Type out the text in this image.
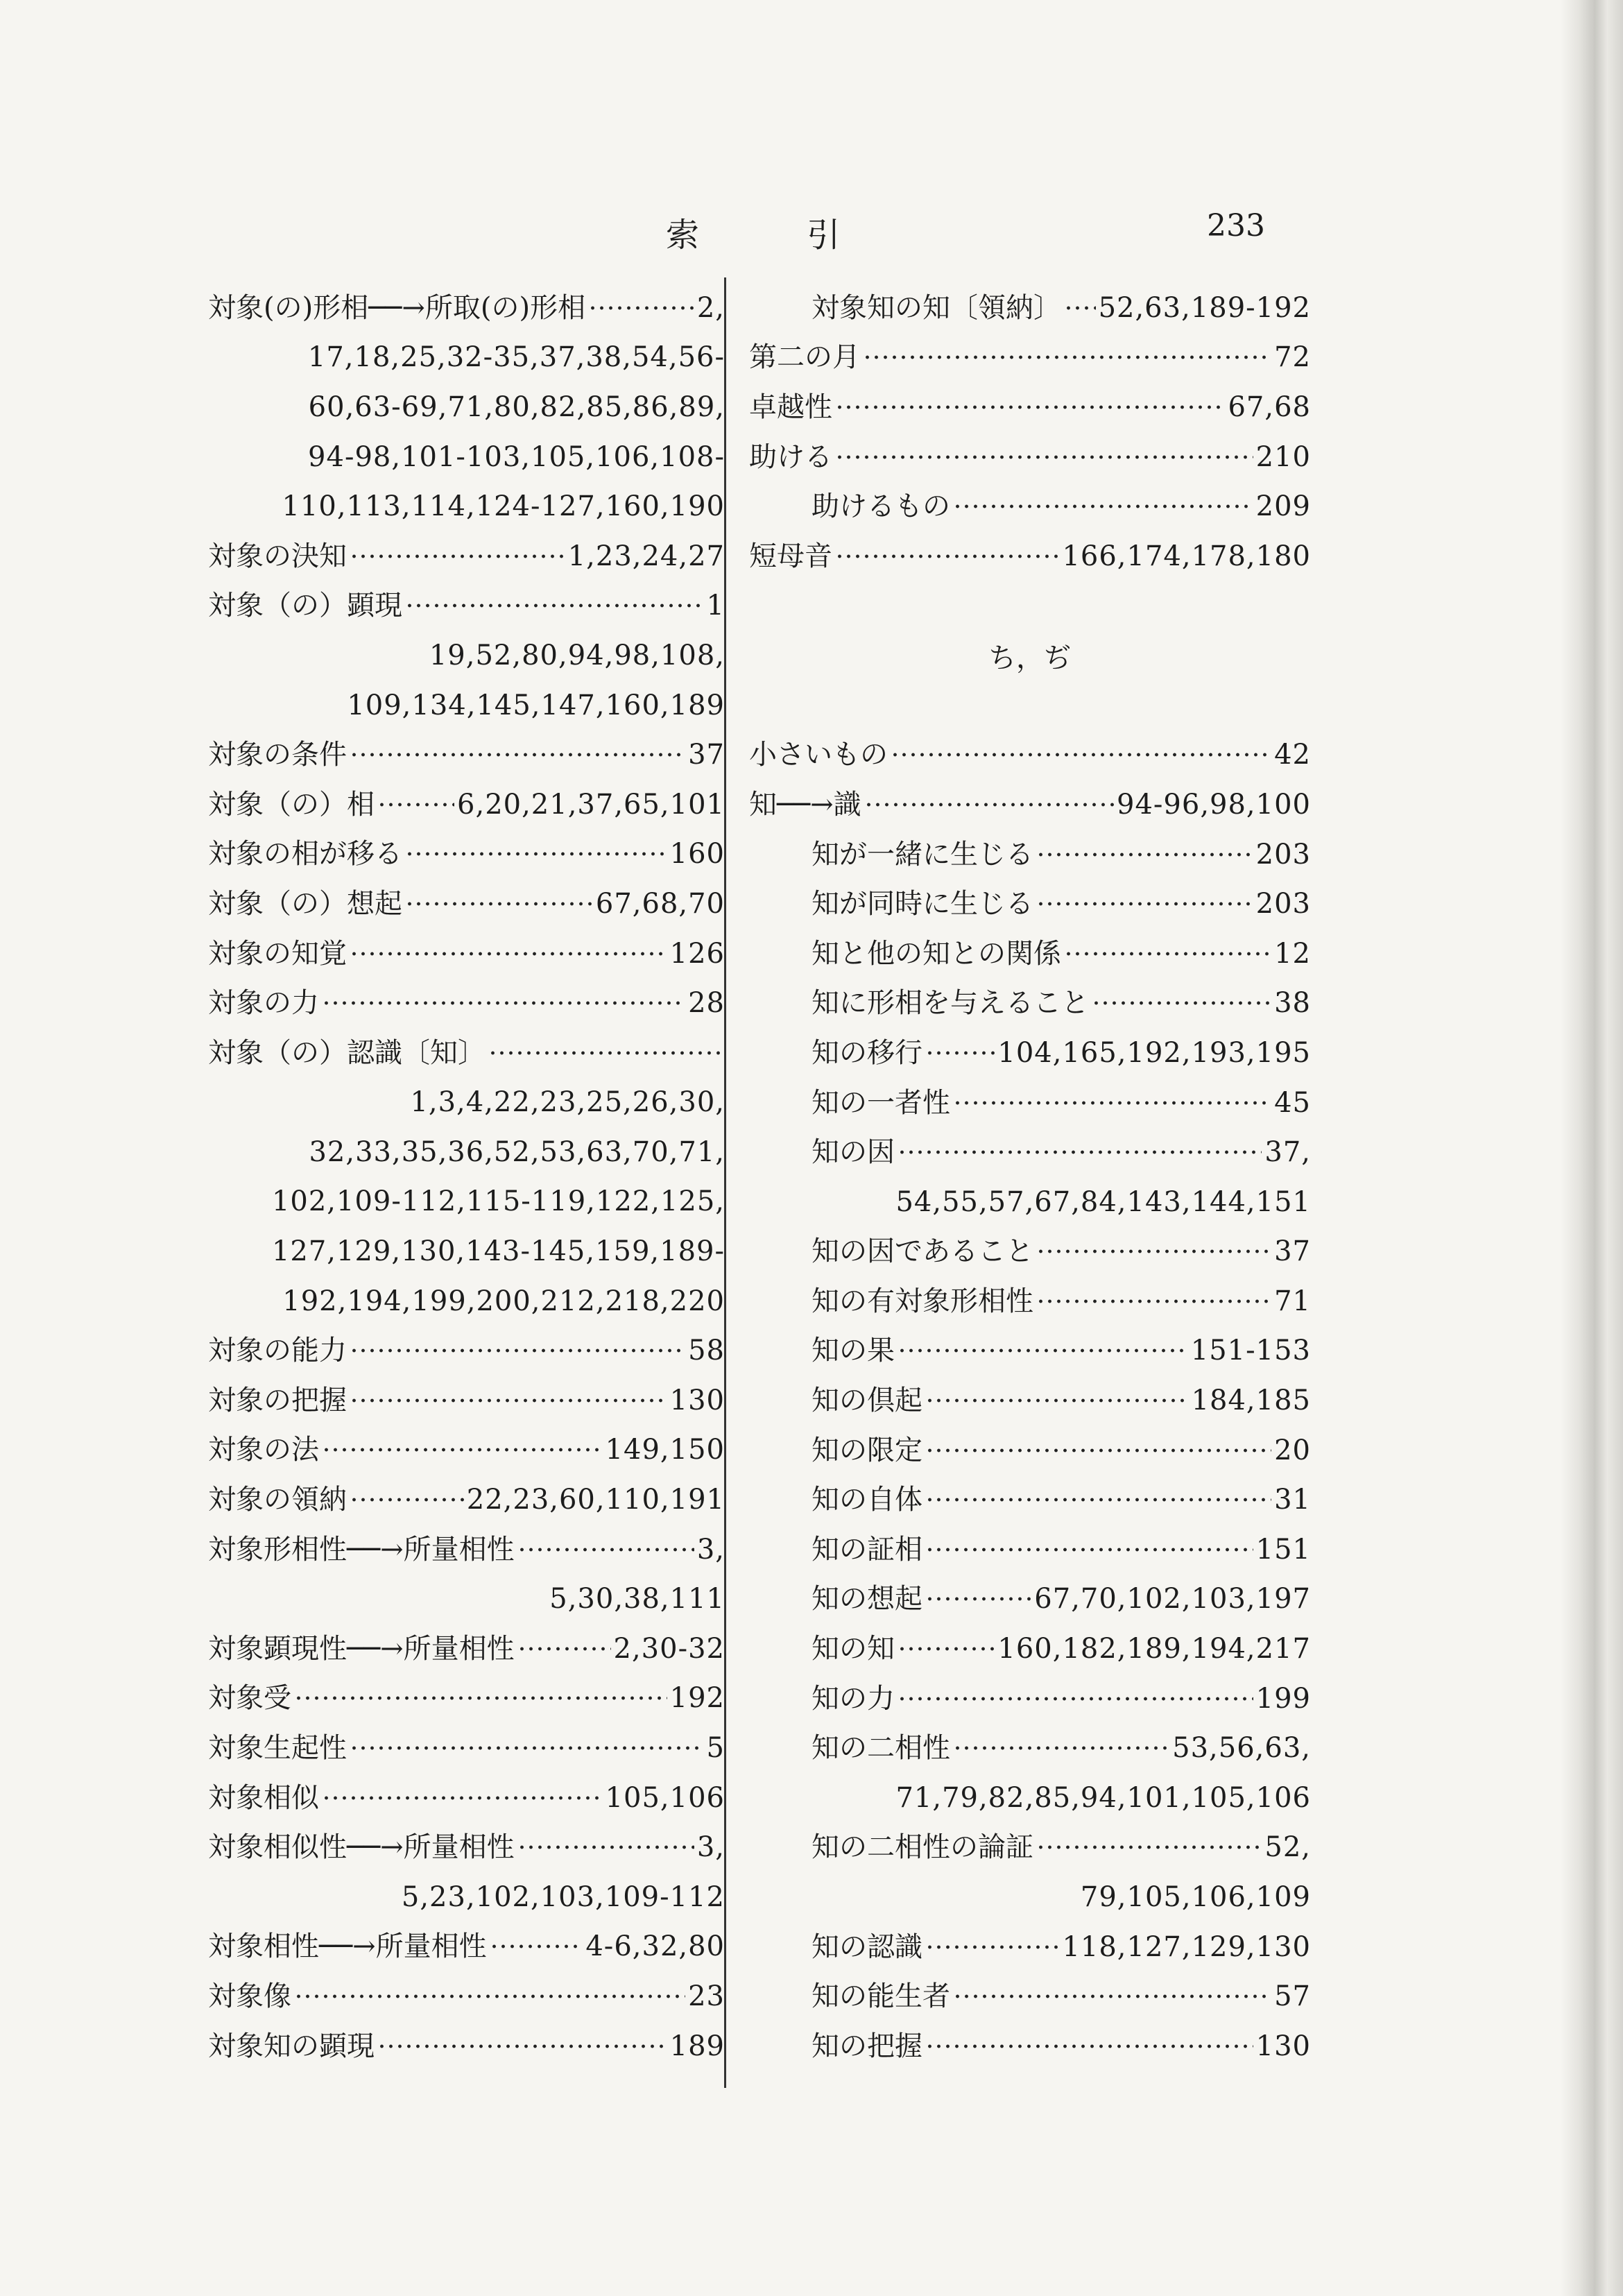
索 引	233
対象(の)形相──→所取(の)形相	2,
17,18,25,32-35,37,38,54,56-
60,63-69,71,80,82,85,86,89,
94-98,101-103,105,106,108-
110,113,114,124-127,160,190
対象の決知	1,23,24,27
対象（の）顕現	1
19,52,80,94,98,108,
109,134,145,147,160,189
対象の条件	37
対象（の）相	6,20,21,37,65,101
対象の相が移る	160
対象（の）想起	67,68,70
対象の知覚	126
対象の力	28
対象（の）認識〔知〕
1,3,4,22,23,25,26,30,
32,33,35,36,52,53,63,70,71,
102,109-112,115-119,122,125,
127,129,130,143-145,159,189-
192,194,199,200,212,218,220
対象の能力	58
対象の把握	130
対象の法	149,150
対象の領納	22,23,60,110,191
対象形相性──→所量相性	3,
5,30,38,111
対象顕現性──→所量相性	2,30-32
対象受	192
対象生起性	5
対象相似	105,106
対象相似性──→所量相性	3,
5,23,102,103,109-112
対象相性──→所量相性	4-6,32,80
対象像	23
対象知の顕現	189
対象知の知〔領納〕 52,63,189-192
第二の月	72
卓越性	67,68
助ける	210
助けるもの	209
短母音	166,174,178,180
ち，ぢ
小さいもの	42
知──→識	94-96,98,100
知が一緒に生じる	203
知が同時に生じる	203
知と他の知との関係	12
知に形相を与えること	38
知の移行	104,165,192,193,195
知の一者性	45
知の因	37,
54,55,57,67,84,143,144,151
知の因であること	37
知の有対象形相性	71
知の果	151-153
知の倶起	184,185
知の限定	20
知の自体	31
知の証相	151
知の想起	67,70,102,103,197
知の知	160,182,189,194,217
知の力	199
知の二相性	53,56,63,
71,79,82,85,94,101,105,106
知の二相性の論証	52,
79,105,106,109
知の認識	118,127,129,130
知の能生者	57
知の把握	130
